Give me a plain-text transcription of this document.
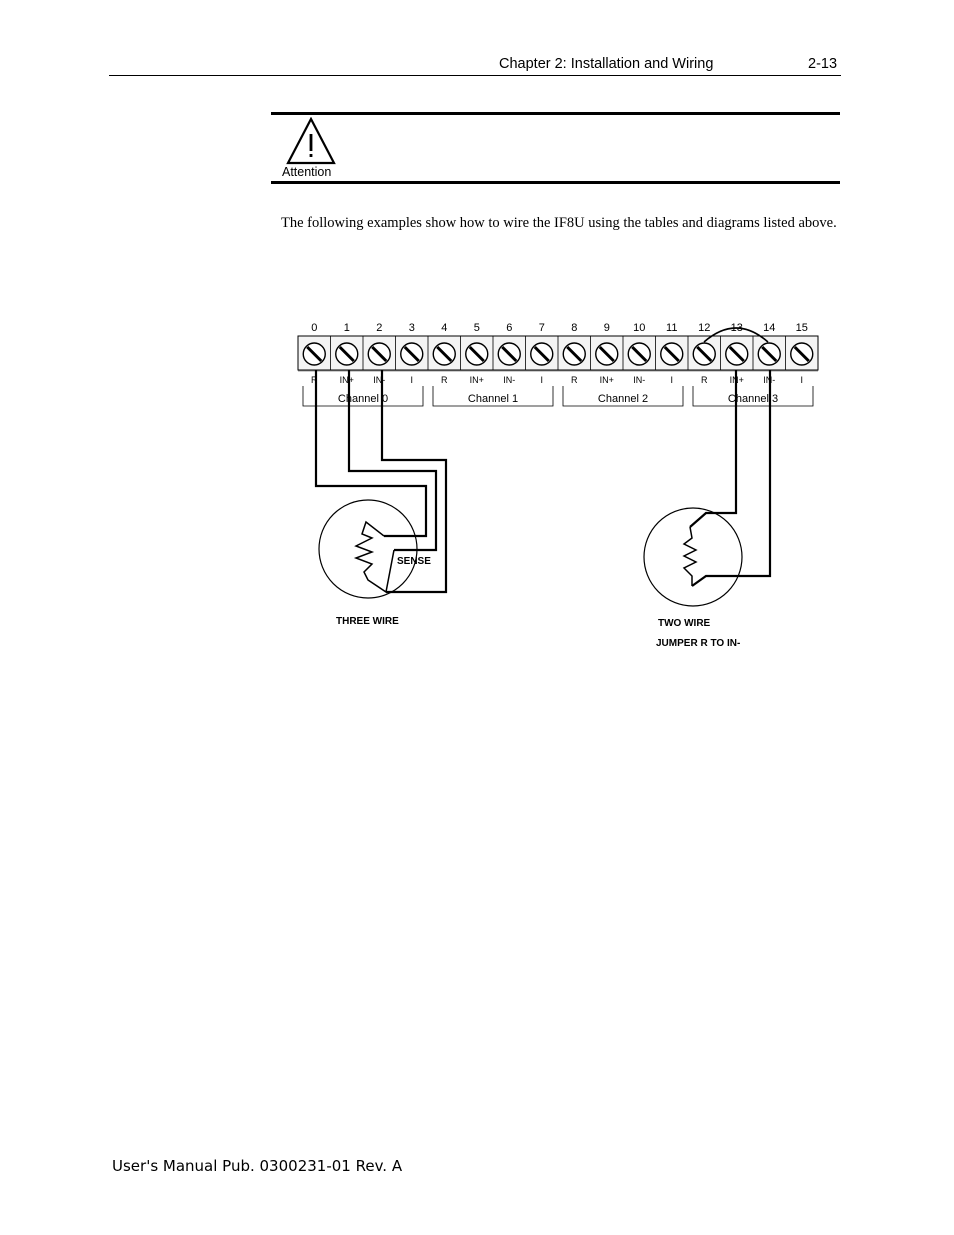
Chapter 2: Installation and Wiring	2-13
Attention
The following examples show how to wire the IF8U using the tables and diagrams listed above.
0 1 2 3 4 5 6 7 8 9 10 11 12 13 14 15
R IN+ IN-	I	R IN+ IN-	I	R IN+ IN-	I	R IN+ IN-	I
Channel 0	Channel 1	Channel 2	Channel 3
SENSE
THREE WIRE	TWO WIRE
JUMPER R TO IN-
User's Manual Pub. 0300231-01 Rev. A
